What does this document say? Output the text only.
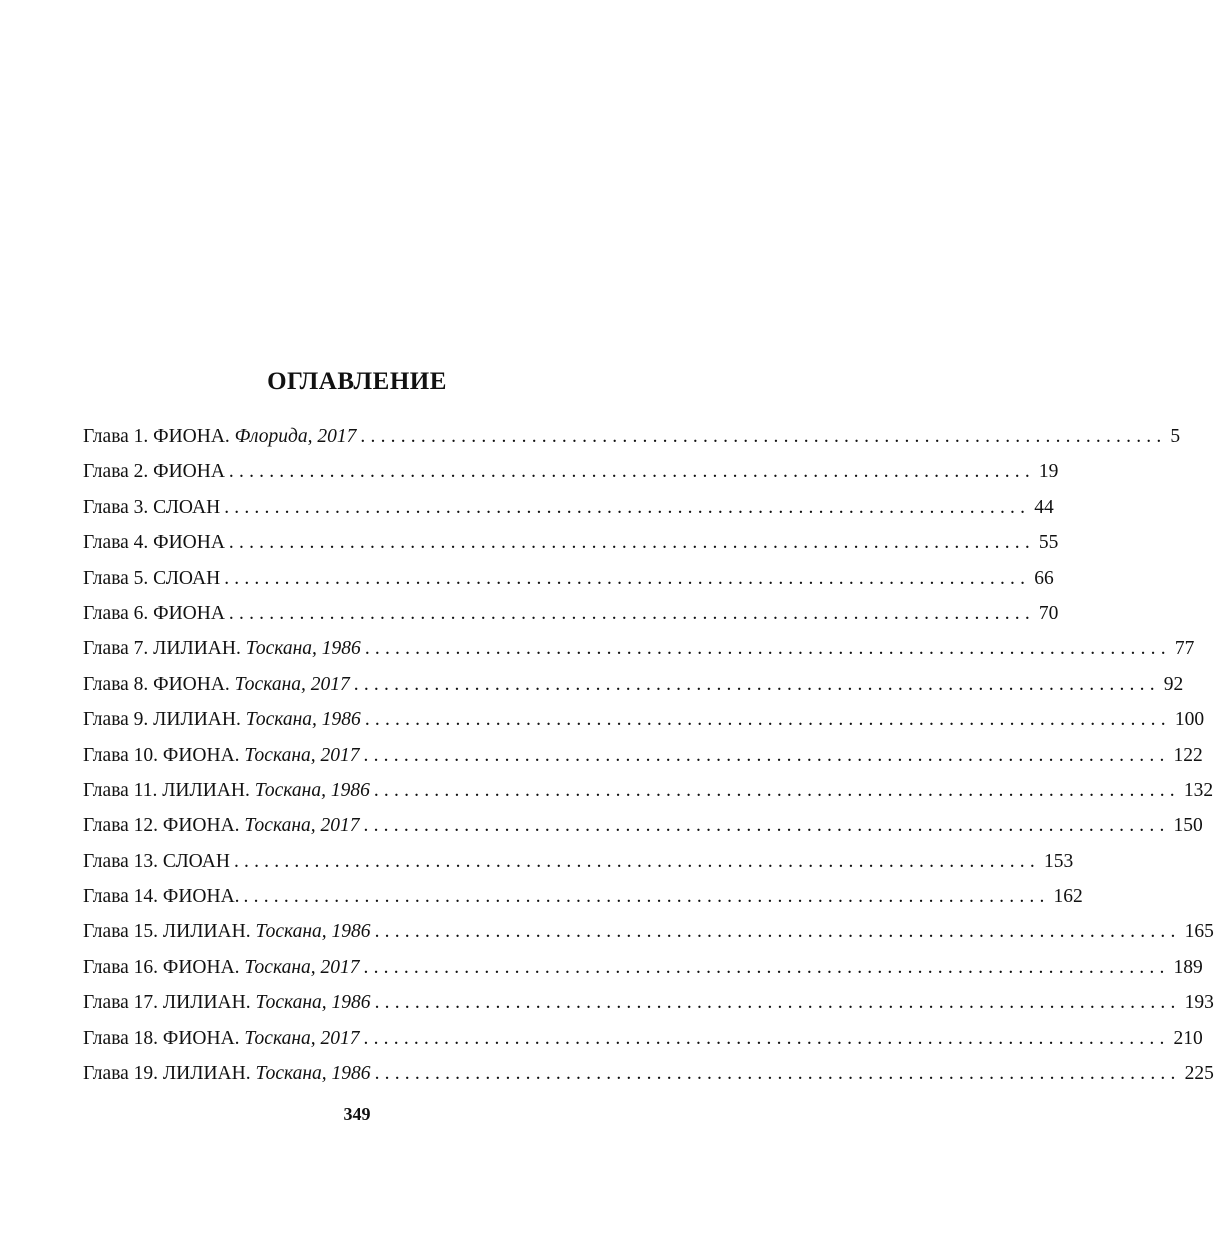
ОГЛАВЛЕНИЕ
Глава 1. ФИОНА. Флорида, 2017 ................................................................................ 5
Глава 2. ФИОНА ................................................................................ 19
Глава 3. СЛОАН ................................................................................ 44
Глава 4. ФИОНА ................................................................................ 55
Глава 5. СЛОАН ................................................................................ 66
Глава 6. ФИОНА ................................................................................ 70
Глава 7. ЛИЛИАН. Тоскана, 1986 ................................................................................ 77
Глава 8. ФИОНА. Тоскана, 2017 ................................................................................ 92
Глава 9. ЛИЛИАН. Тоскана, 1986 ................................................................................ 100
Глава 10. ФИОНА. Тоскана, 2017 ................................................................................ 122
Глава 11. ЛИЛИАН. Тоскана, 1986 ................................................................................ 132
Глава 12. ФИОНА. Тоскана, 2017 ................................................................................ 150
Глава 13. СЛОАН ................................................................................ 153
Глава 14. ФИОНА. ................................................................................ 162
Глава 15. ЛИЛИАН. Тоскана, 1986 ................................................................................ 165
Глава 16. ФИОНА. Тоскана, 2017 ................................................................................ 189
Глава 17. ЛИЛИАН. Тоскана, 1986 ................................................................................ 193
Глава 18. ФИОНА. Тоскана, 2017 ................................................................................ 210
Глава 19. ЛИЛИАН. Тоскана, 1986 ................................................................................ 225
349
